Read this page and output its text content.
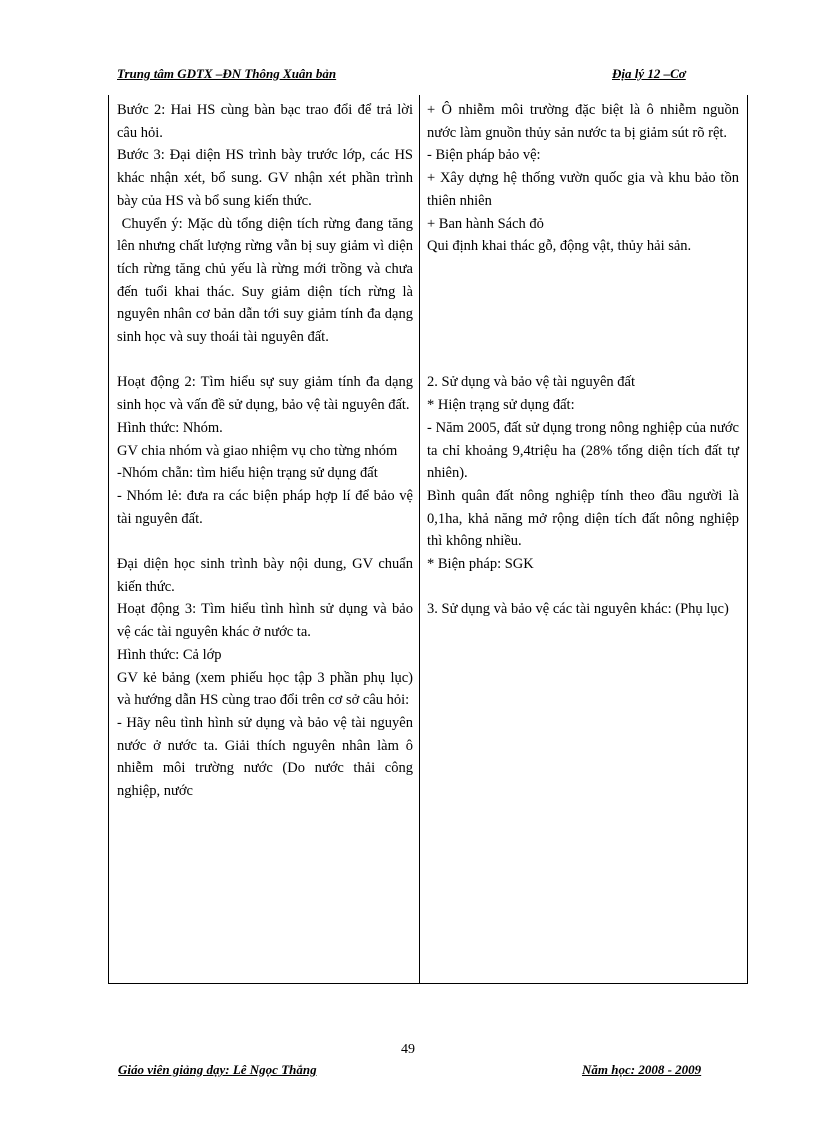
Trung tâm GDTX –ĐN Thông Xuân bản	Địa lý 12 –Cơ

Bước 2: Hai HS cùng bàn bạc trao đổi để trả lời câu hỏi.

Bước 3: Đại diện HS trình bày trước lớp, các HS khác nhận xét, bổ sung. GV nhận xét phần trình bày của HS và bổ sung kiến thức.

Chuyển ý: Mặc dù tổng diện tích rừng đang tăng lên nhưng chất lượng rừng vẫn bị suy giảm vì diện tích rừng tăng chủ yếu là rừng mới trồng và chưa đến tuổi khai thác. Suy giảm diện tích rừng là nguyên nhân cơ bản dẫn tới suy giảm tính đa dạng sinh học và suy thoái tài nguyên đất.

Hoạt động 2: Tìm hiểu sự suy giảm tính đa dạng sinh học và vấn đề sử dụng, bảo vệ tài nguyên đất.

Hình thức: Nhóm.

GV chia nhóm và giao nhiệm vụ cho từng nhóm

-Nhóm chẵn: tìm hiểu hiện trạng sử dụng đất

- Nhóm lẻ: đưa ra các biện pháp hợp lí để bảo vệ tài nguyên đất.

Đại diện học sinh trình bày nội dung, GV chuẩn kiến thức.

Hoạt động 3: Tìm hiểu tình hình sử dụng và bảo vệ các tài nguyên khác ở nước ta.

Hình thức: Cả lớp

GV kẻ bảng (xem phiếu học tập 3 phần phụ lục) và hướng dẫn HS cùng trao đổi trên cơ sở câu hỏi:

- Hãy nêu tình hình sử dụng và bảo vệ tài nguyên nước ở nước ta. Giải thích nguyên nhân làm ô nhiễm môi trường nước (Do nước thải công nghiệp, nước

+ Ô nhiễm môi trường đặc biệt là ô nhiễm nguồn nước làm gnuồn thủy sản nước ta bị giảm sút rõ rệt.

- Biện pháp bảo vệ:

+ Xây dựng hệ thống vườn quốc gia và khu bảo tồn thiên nhiên

+ Ban hành Sách đỏ

Qui định khai thác gỗ, động vật, thủy hải sản.

2. Sử dụng và bảo vệ tài nguyên đất

* Hiện trạng sử dụng đất:

- Năm 2005, đất sử dụng trong nông nghiệp của nước ta chỉ khoảng 9,4triệu ha (28% tổng diện tích đất tự nhiên).

Bình quân đất nông nghiệp tính theo đầu người là 0,1ha, khả năng mở rộng diện tích đất nông nghiệp thì không nhiều.

* Biện pháp: SGK

3. Sử dụng và bảo vệ các tài nguyên khác: (Phụ lục)

49
Giáo viên giảng dạy: Lê Ngọc Thắng	Năm học: 2008 - 2009
